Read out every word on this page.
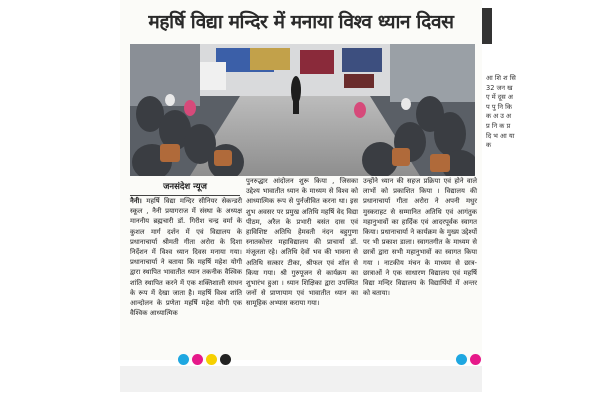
महर्षि विद्या मन्दिर में मनाया विश्व ध्यान दिवस
जनसंदेश न्यूज
नैनी। महर्षि विद्या मन्दिर सीनियर सेकन्डरी स्कूल , नैनी प्रयागराज में संस्था के अध्यक्ष माननीय ब्रह्मचारी डॉ. गिरीश चन्द्र वर्मा के कुशल मार्ग दर्शन में एवं विद्यालय के प्रधानाचार्या श्रीमती गीता अरोरा के दिशा निर्देशन में विश्व ध्यान दिवस मनाया गया। प्रधानाचार्या ने बताया कि महर्षि महेश योगी द्वारा स्थापित भावातीत ध्यान तकनीक वैश्विक शांति स्थापित करने में एक शक्तिशाली साधन के रूप में देखा जाता है। महर्षि विश्व शांति आन्दोलन के प्रणेता महर्षि महेश योगी एक वैश्विक आध्यात्मिक
पुनरुद्धार आंदोलन शुरू किया , जिसका उद्देश्य भावातीत ध्यान के माध्यम से विश्व को आध्यात्मिक रूप से पुर्नजीवित करना था। इस शुभ अवसर पर प्रमुख अतिथि महर्षि वेद विद्या पीठम, अरैल के प्रभारी बसंत दास एवं हाविशिष्ट अतिथि हेमवती नंदन बहुगुणा स्नातकोत्तर महाविद्यालय की प्राचार्या डॉ. मंजूलता रहे। अतिथि देवों भव की भावना से अतिथि सत्कार टीका, श्रीफल एवं शॉल से किया गया। श्री गुरुपूजन से कार्यक्रम का शुभारंभ हुआ । ध्यान शिक्षिका द्वारा उपस्थित जनों से प्राणायाम एवं भावातीत ध्यान का सामूहिक अभ्यास कराया गया।
उन्होंने ध्यान की सहज प्रक्रिया एवं होने वाले लाभों को प्रकाशित किया । विद्यालय की प्रधानाचार्या गीता अरोरा ने अपनी मधुर मुस्कराहट से सम्मानित अतिथि एवं आगंतुक महानुभावों का हार्दिक एवं आदरपूर्वक स्वागत किया। प्रधानाचार्या ने कार्यक्रम के मुख्य उद्देश्यों पर भी प्रकाश डाला। स्वागतगीत के माध्यम से छात्रों द्वारा सभी महानुभावों का स्वागत किया गया । नाटकीय मंचन के माध्यम से छात्र-छात्राओं ने एक साधारण विद्यालय एवं महर्षि विद्या मन्दिर विद्यालय के विद्यार्थियों में अन्तर को बताया।
आ शि श सि 32 जन ख ए में दूस अ प पु नि कि क अ उ अ प्र नि क प्र दि भ आ या क
